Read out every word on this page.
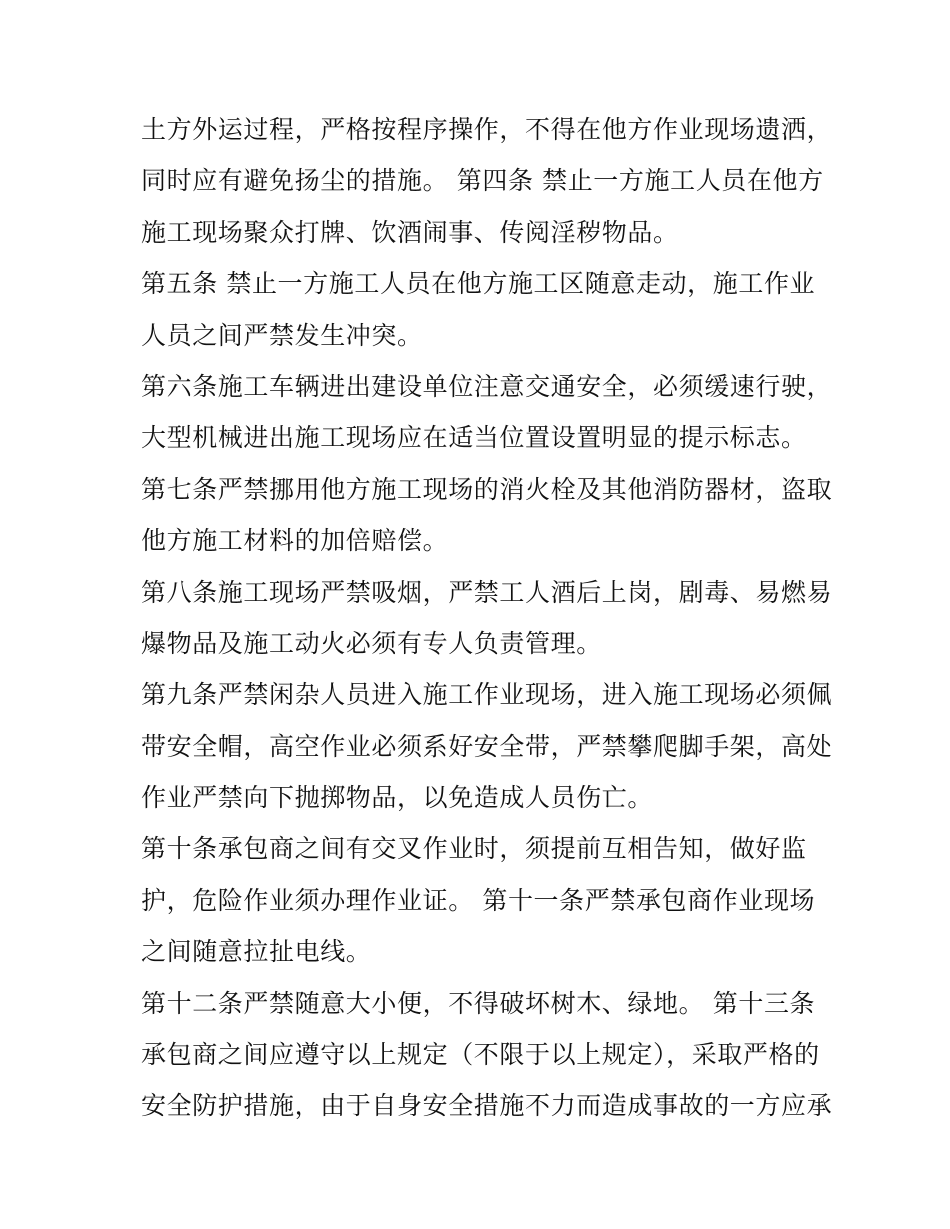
土方外运过程，严格按程序操作，不得在他方作业现场遗洒，
同时应有避免扬尘的措施。 第四条 禁止一方施工人员在他方
施工现场聚众打牌、饮酒闹事、传阅淫秽物品。
第五条 禁止一方施工人员在他方施工区随意走动，施工作业
人员之间严禁发生冲突。
第六条施工车辆进出建设单位注意交通安全，必须缓速行驶，
大型机械进出施工现场应在适当位置设置明显的提示标志。
第七条严禁挪用他方施工现场的消火栓及其他消防器材，盗取
他方施工材料的加倍赔偿。
第八条施工现场严禁吸烟，严禁工人酒后上岗，剧毒、易燃易
爆物品及施工动火必须有专人负责管理。
第九条严禁闲杂人员进入施工作业现场，进入施工现场必须佩
带安全帽，高空作业必须系好安全带，严禁攀爬脚手架，高处
作业严禁向下抛掷物品，以免造成人员伤亡。
第十条承包商之间有交叉作业时，须提前互相告知，做好监
护，危险作业须办理作业证。 第十一条严禁承包商作业现场
之间随意拉扯电线。
第十二条严禁随意大小便，不得破坏树木、绿地。 第十三条
承包商之间应遵守以上规定（不限于以上规定），采取严格的
安全防护措施，由于自身安全措施不力而造成事故的一方应承
